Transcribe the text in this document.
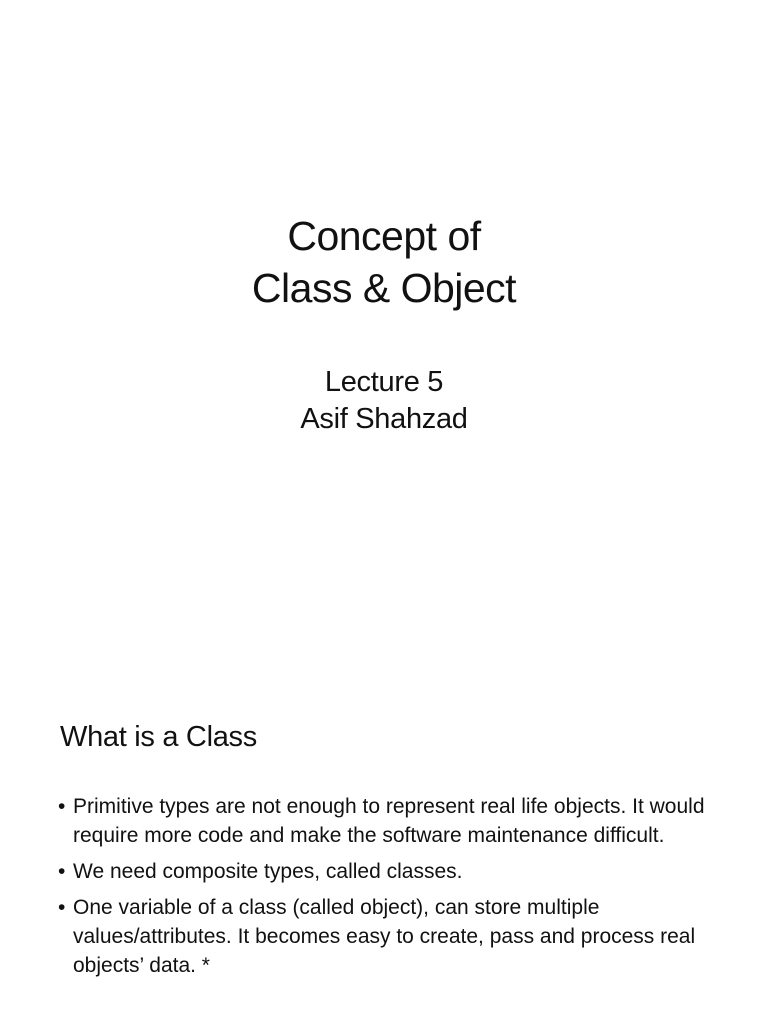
Concept of
Class & Object
Lecture 5
Asif Shahzad
What is a Class
• Primitive types are not enough to represent real life objects. It would require more code and make the software maintenance difficult.
• We need composite types, called classes.
• One variable of a class (called object), can store multiple values/attributes. It becomes easy to create, pass and process real objects’ data. *
